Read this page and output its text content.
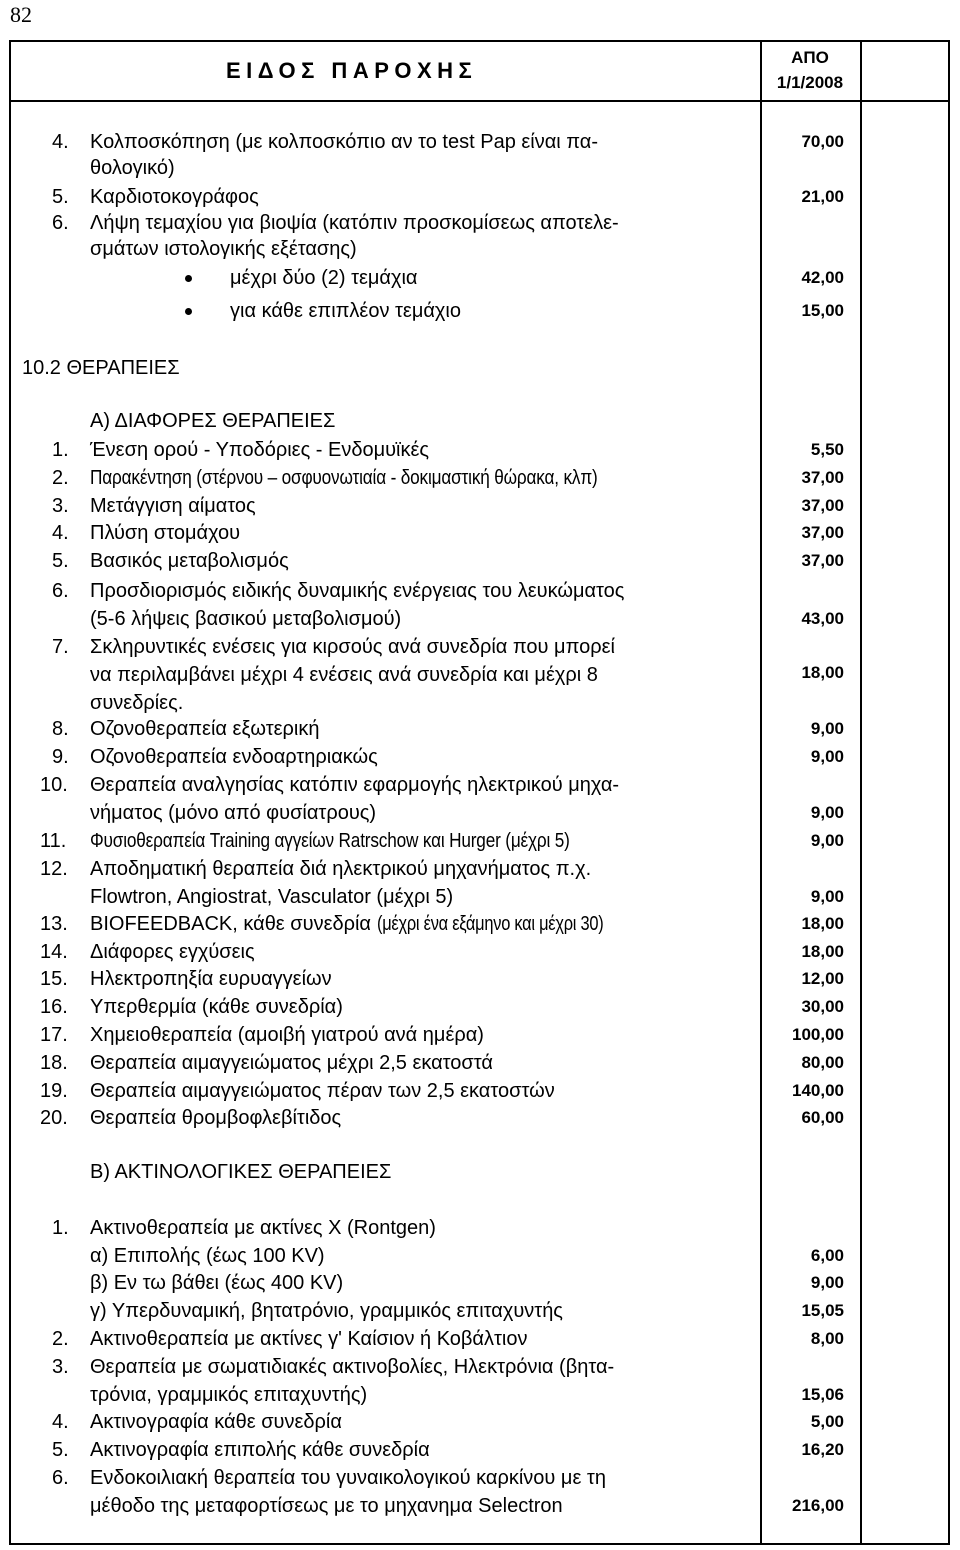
82
ΕΙΔΟΣ ΠΑΡΟΧΗΣ
ΑΠΟ
1/1/2008
4. Κολποσκόπηση (με κολποσκόπιο αν το test Pap είναι πα-
θολογικό)
70,00
5. Καρδιοτοκογράφος	21,00
6. Λήψη τεμαχίου για βιοψία (κατόπιν προσκομίσεως αποτελε-
σμάτων ιστολογικής εξέτασης)
μέχρι δύο (2) τεμάχια	42,00
για κάθε επιπλέον τεμάχιο	15,00
10.2 ΘΕΡΑΠΕΙΕΣ
Α) ΔΙΑΦΟΡΕΣ ΘΕΡΑΠΕΙΕΣ
1. Ένεση ορού - Υποδόριες - Ενδομυϊκές	5,50
2. Παρακέντηση (στέρνου – οσφυονωτιαία - δοκιμαστική θώρακα, κλπ)	37,00
3. Μετάγγιση αίματος	37,00
4. Πλύση στομάχου	37,00
5. Βασικός μεταβολισμός	37,00
6. Προσδιορισμός ειδικής δυναμικής ενέργειας του λευκώματος
(5-6 λήψεις βασικού μεταβολισμού)	43,00
7. Σκληρυντικές ενέσεις για κιρσούς ανά συνεδρία που μπορεί
να περιλαμβάνει μέχρι 4 ενέσεις ανά συνεδρία και μέχρι 8
συνεδρίες.
18,00
8. Οζονοθεραπεία εξωτερική	9,00
9. Οζονοθεραπεία ενδοαρτηριακώς	9,00
10. Θεραπεία αναλγησίας κατόπιν εφαρμογής ηλεκτρικού μηχα-
νήματος (μόνο από φυσίατρους)	9,00
11. Φυσιοθεραπεία Training αγγείων Ratrschow και Hurger (μέχρι 5)	9,00
12. Αποδηματική θεραπεία διά ηλεκτρικού μηχανήματος π.χ.
Flowtron, Angiostrat, Vasculator (μέχρι 5)	9,00
13. BIOFEEDBACK, κάθε συνεδρία (μέχρι ένα εξάμηνο και μέχρι 30)	18,00
14. Διάφορες εγχύσεις	18,00
15. Ηλεκτροπηξία ευρυαγγείων	12,00
16. Υπερθερμία (κάθε συνεδρία)	30,00
17. Χημειοθεραπεία (αμοιβή γιατρού ανά ημέρα)	100,00
18. Θεραπεία αιμαγγειώματος μέχρι 2,5 εκατοστά	80,00
19. Θεραπεία αιμαγγειώματος πέραν των 2,5 εκατοστών	140,00
20. Θεραπεία θρομβοφλεβίτιδος	60,00
Β) ΑΚΤΙΝΟΛΟΓΙΚΕΣ ΘΕΡΑΠΕΙΕΣ
1. Ακτινοθεραπεία με ακτίνες Χ (Rontgen)
α) Επιπολής (έως 100 KV)	6,00
β) Εν τω βάθει (έως 400 KV)	9,00
γ) Υπερδυναμική, βητατρόνιο, γραμμικός επιταχυντής	15,05
2. Ακτινοθεραπεία με ακτίνες γ' Καίσιον ή Κοβάλτιον	8,00
3. Θεραπεία με σωματιδιακές ακτινοβολίες, Ηλεκτρόνια (βητα-
τρόνια, γραμμικός επιταχυντής)	15,06
4. Ακτινογραφία κάθε συνεδρία	5,00
5. Ακτινογραφία επιπολής κάθε συνεδρία	16,20
6. Ενδοκοιλιακή θεραπεία του γυναικολογικού καρκίνου με τη
μέθοδο της μεταφορτίσεως με το μηχανημα Selectron	216,00
